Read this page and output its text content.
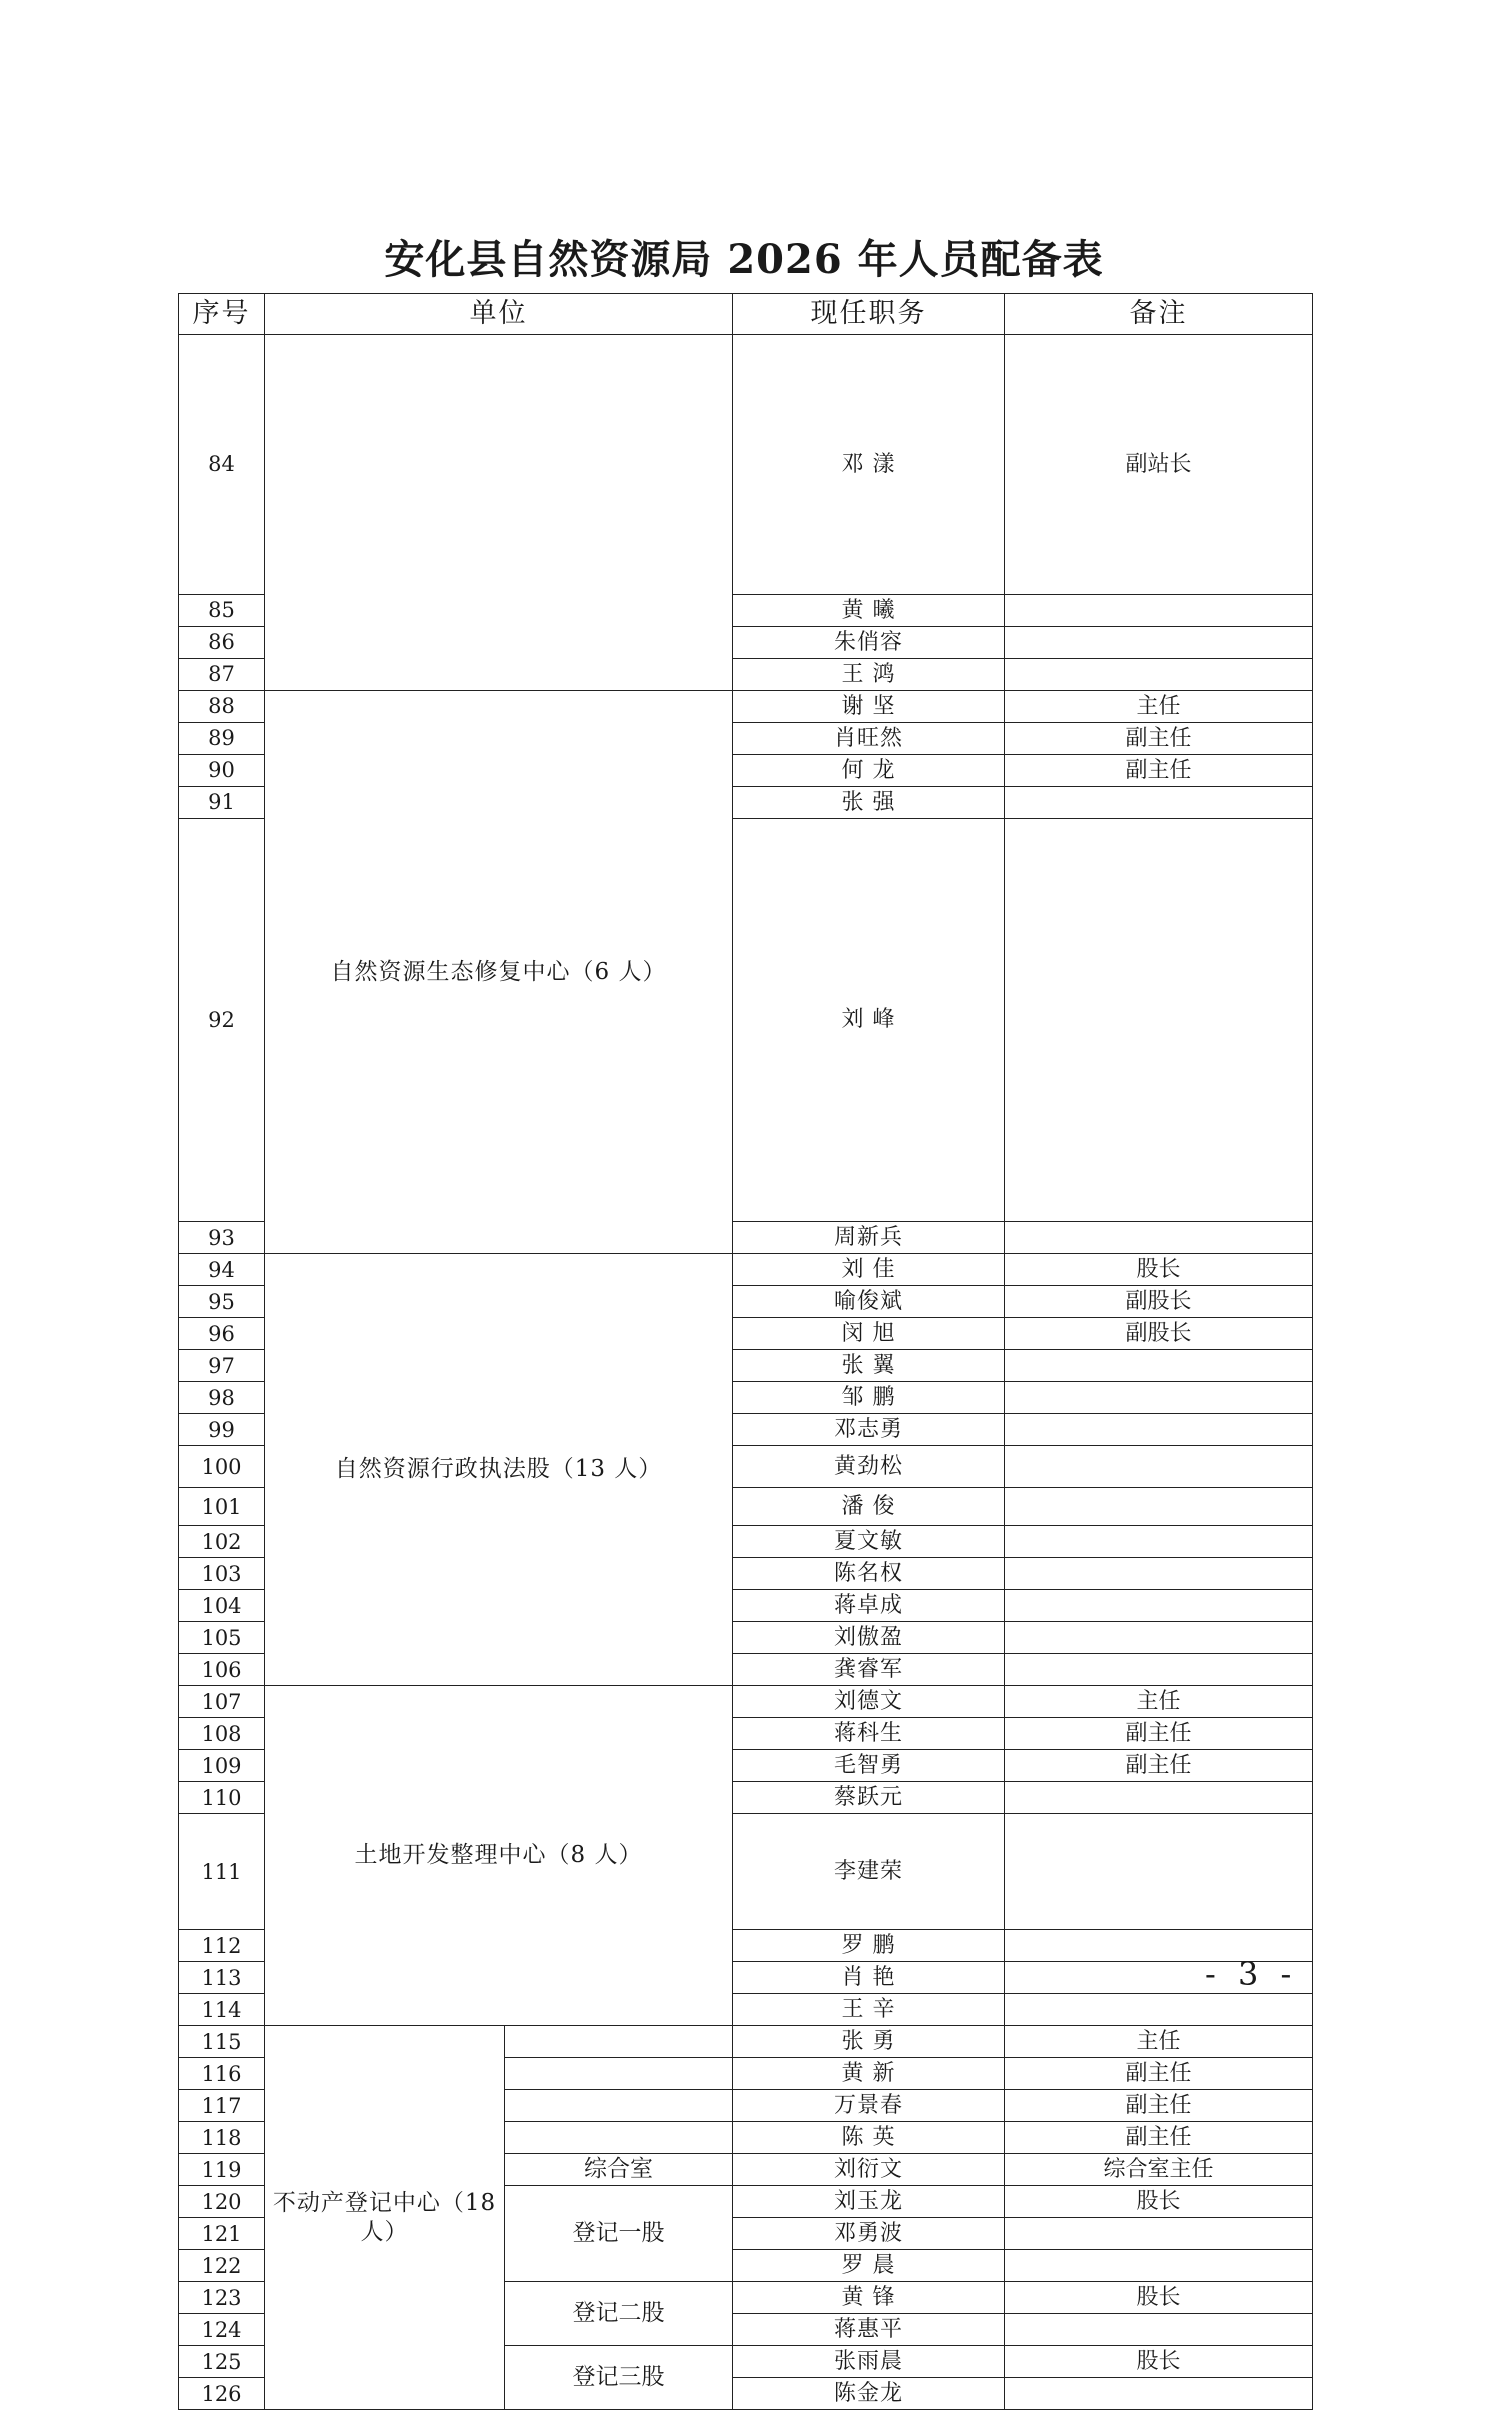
安化县自然资源局 2026 年人员配备表
序号	单位		现任职务	备注	
84			邓 漾	副站长	
85			黄 曦		
86			朱俏容		
87			王 鸿		
88	自然资源生态修复中心（6 人）		谢 坚	主任	
89			肖旺然	副主任	
90			何 龙	副主任	
91			张 强		
92			刘 峰		
93			周新兵		
94	自然资源行政执法股（13 人）		刘 佳	股长	
95			喻俊斌	副股长	
96			闵 旭	副股长	
97			张 翼		
98			邹 鹏		
99			邓志勇		
100			黄劲松		
101			潘 俊		
102			夏文敏		
103			陈名权		
104			蒋卓成		
105			刘傲盈		
106			龚睿军		
107	土地开发整理中心（8 人）		刘德文	主任	
108			蒋科生	副主任	
109			毛智勇	副主任	
110			蔡跃元		
111			李建荣		
112			罗 鹏		
113			肖 艳		
114			王 辛		
115	不动产登记中心（18 人）		张 勇	主任	
116			黄 新	副主任	
117			万景春	副主任	
118			陈 英	副主任	
119		综合室	刘衍文	综合室主任	
120		登记一股	刘玉龙	股长	
121			邓勇波		
122			罗 晨		
123		登记二股	黄 锋	股长	
124			蒋惠平		
125		登记三股	张雨晨	股长	
126			陈金龙		
- 3 -
